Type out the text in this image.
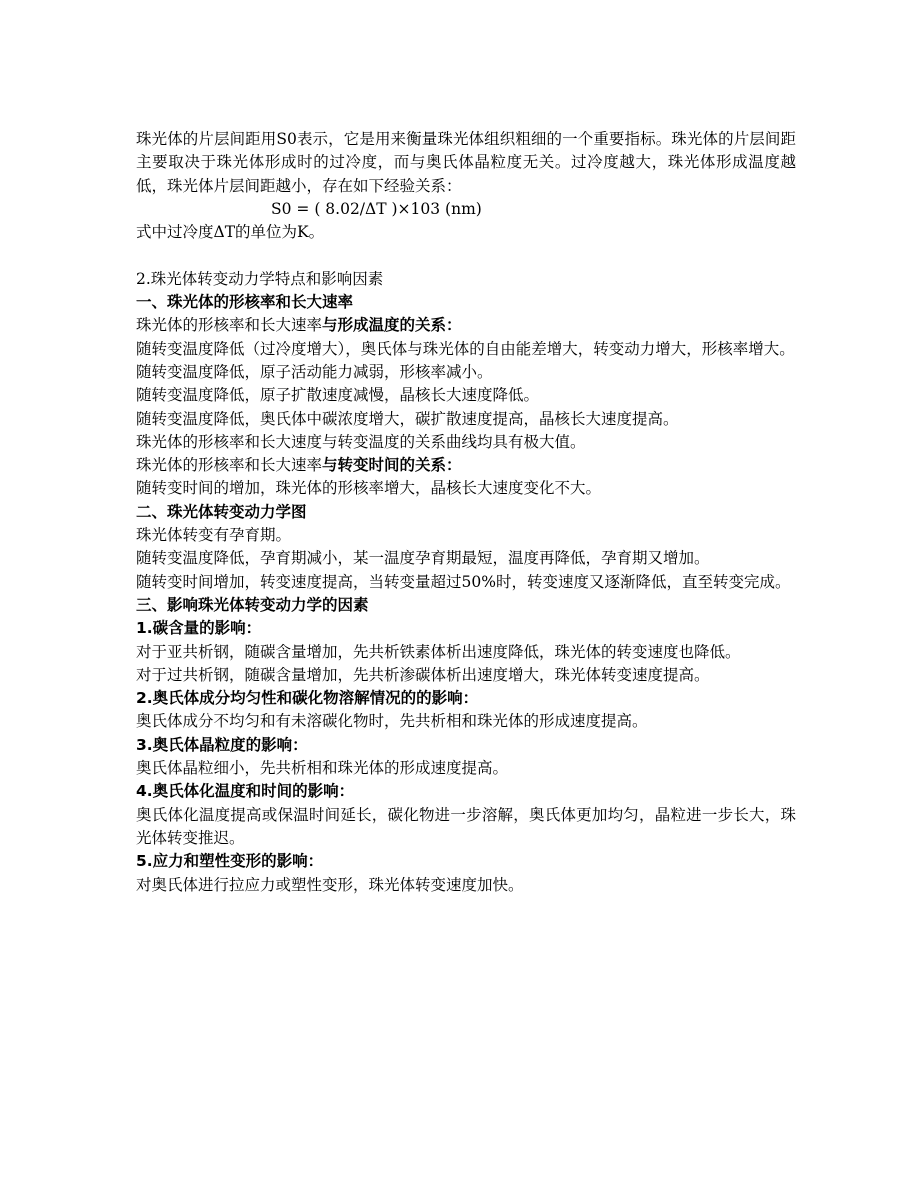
珠光体的片层间距用S0表示，它是用来衡量珠光体组织粗细的一个重要指标。珠光体的片层间距主要取决于珠光体形成时的过冷度，而与奥氏体晶粒度无关。过冷度越大，珠光体形成温度越低，珠光体片层间距越小，存在如下经验关系：

S0 = ( 8.02/ΔT )×103 (nm)

式中过冷度ΔT的单位为K。

2.珠光体转变动力学特点和影响因素

一、珠光体的形核率和长大速率

珠光体的形核率和长大速率与形成温度的关系：

随转变温度降低（过冷度增大），奥氏体与珠光体的自由能差增大，转变动力增大，形核率增大。

随转变温度降低，原子活动能力减弱，形核率减小。

随转变温度降低，原子扩散速度减慢，晶核长大速度降低。

随转变温度降低，奥氏体中碳浓度增大，碳扩散速度提高，晶核长大速度提高。

珠光体的形核率和长大速度与转变温度的关系曲线均具有极大值。

珠光体的形核率和长大速率与转变时间的关系：

随转变时间的增加，珠光体的形核率增大，晶核长大速度变化不大。

二、珠光体转变动力学图

珠光体转变有孕育期。

随转变温度降低，孕育期减小，某一温度孕育期最短，温度再降低，孕育期又增加。

随转变时间增加，转变速度提高，当转变量超过50%时，转变速度又逐渐降低，直至转变完成。

三、影响珠光体转变动力学的因素

1.碳含量的影响：

对于亚共析钢，随碳含量增加，先共析铁素体析出速度降低，珠光体的转变速度也降低。

对于过共析钢，随碳含量增加，先共析渗碳体析出速度增大，珠光体转变速度提高。

2.奥氏体成分均匀性和碳化物溶解情况的的影响：

奥氏体成分不均匀和有未溶碳化物时，先共析相和珠光体的形成速度提高。

3.奥氏体晶粒度的影响：

奥氏体晶粒细小，先共析相和珠光体的形成速度提高。

4.奥氏体化温度和时间的影响：

奥氏体化温度提高或保温时间延长，碳化物进一步溶解，奥氏体更加均匀，晶粒进一步长大，珠光体转变推迟。

5.应力和塑性变形的影响：

对奥氏体进行拉应力或塑性变形，珠光体转变速度加快。
